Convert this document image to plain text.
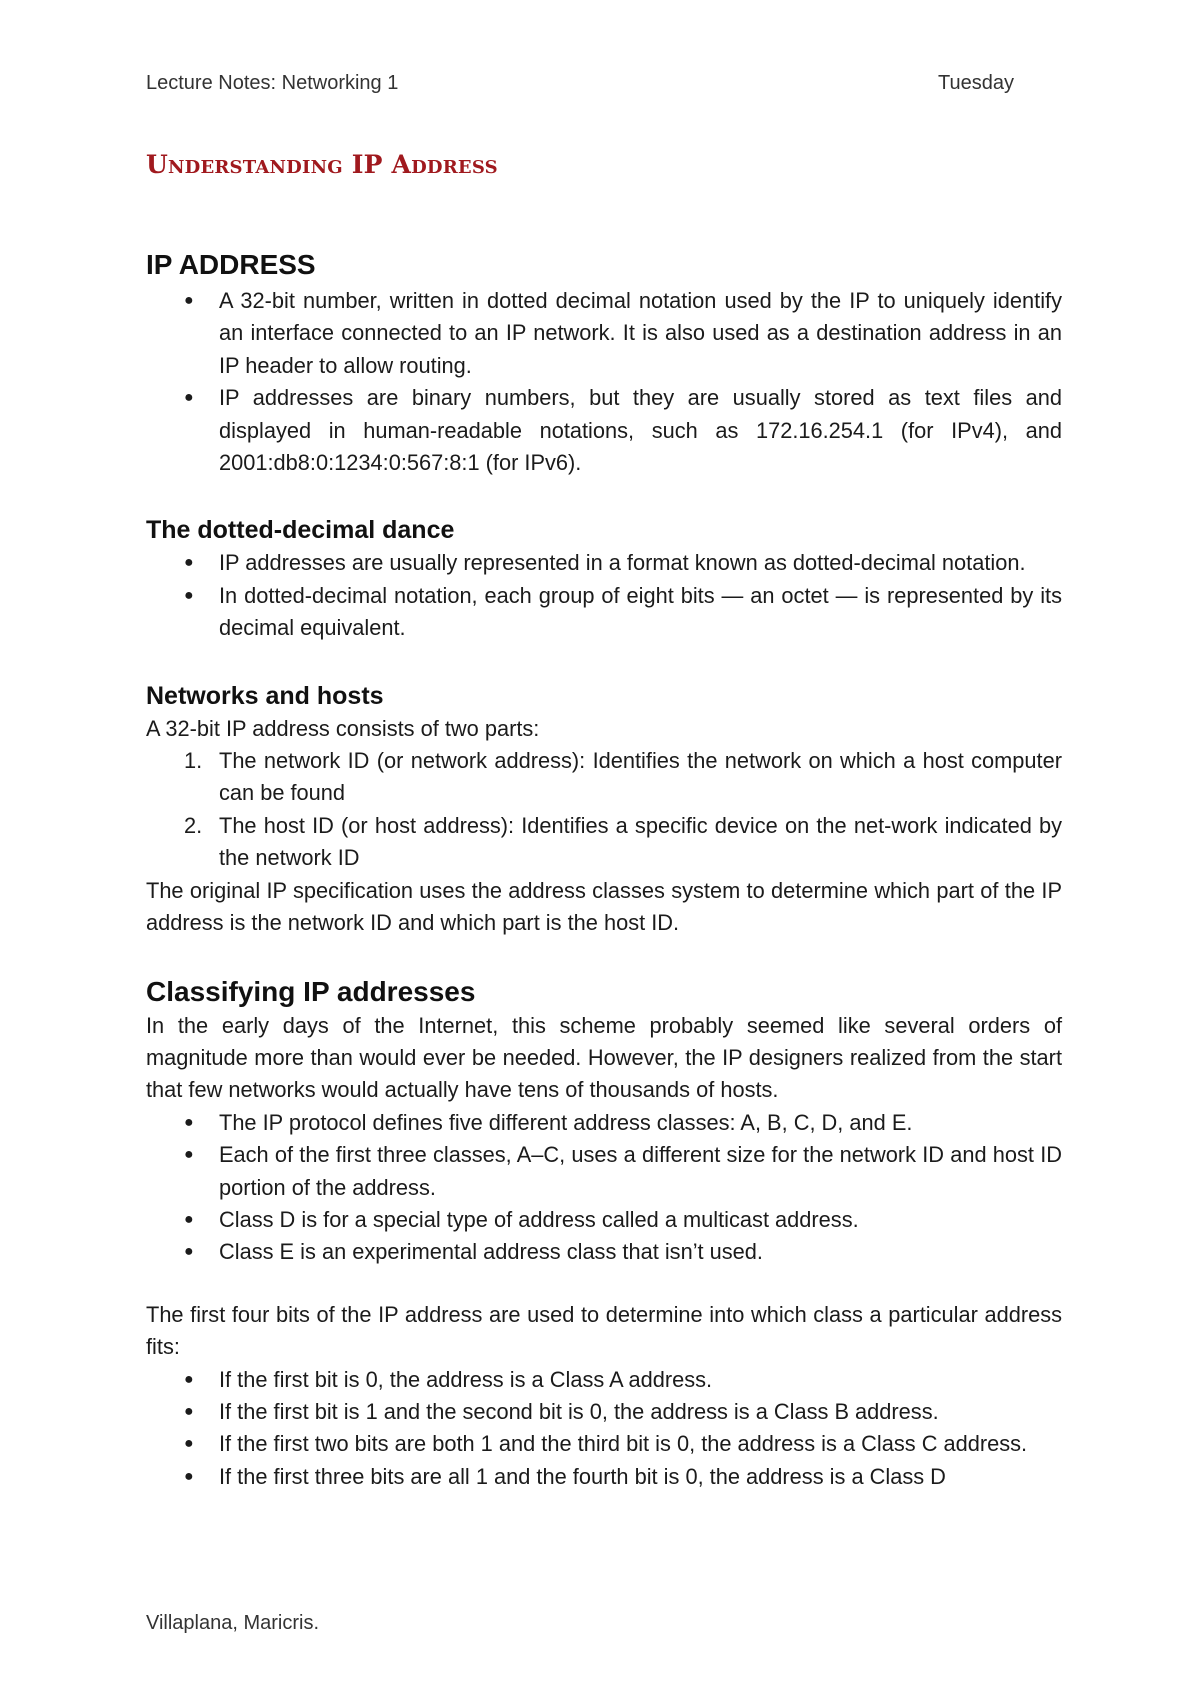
Lecture Notes: Networking 1	Tuesday
Understanding IP Address
IP ADDRESS
● A 32-bit number, written in dotted decimal notation used by the IP to uniquely identify an interface connected to an IP network. It is also used as a destination address in an IP header to allow routing.
● IP addresses are binary numbers, but they are usually stored as text files and displayed in human-readable notations, such as 172.16.254.1 (for IPv4), and 2001:db8:0:1234:0:567:8:1 (for IPv6).
The dotted-decimal dance
● IP addresses are usually represented in a format known as dotted-decimal notation.
● In dotted-decimal notation, each group of eight bits — an octet — is represented by its decimal equivalent.
Networks and hosts

A 32-bit IP address consists of two parts:

1. The network ID (or network address): Identifies the network on which a host computer can be found
2. The host ID (or host address): Identifies a specific device on the net-work indicated by the network ID

The original IP specification uses the address classes system to determine which part of the IP address is the network ID and which part is the host ID.

Classifying IP addresses

In the early days of the Internet, this scheme probably seemed like several orders of magnitude more than would ever be needed. However, the IP designers realized from the start that few networks would actually have tens of thousands of hosts.

● The IP protocol defines five different address classes: A, B, C, D, and E.
● Each of the first three classes, A–C, uses a different size for the network ID and host ID portion of the address.
● Class D is for a special type of address called a multicast address.
● Class E is an experimental address class that isn’t used.

The first four bits of the IP address are used to determine into which class a particular address fits:

● If the first bit is 0, the address is a Class A address.
● If the first bit is 1 and the second bit is 0, the address is a Class B address.
● If the first two bits are both 1 and the third bit is 0, the address is a Class C address.
● If the first three bits are all 1 and the fourth bit is 0, the address is a Class D
Villaplana, Maricris.
